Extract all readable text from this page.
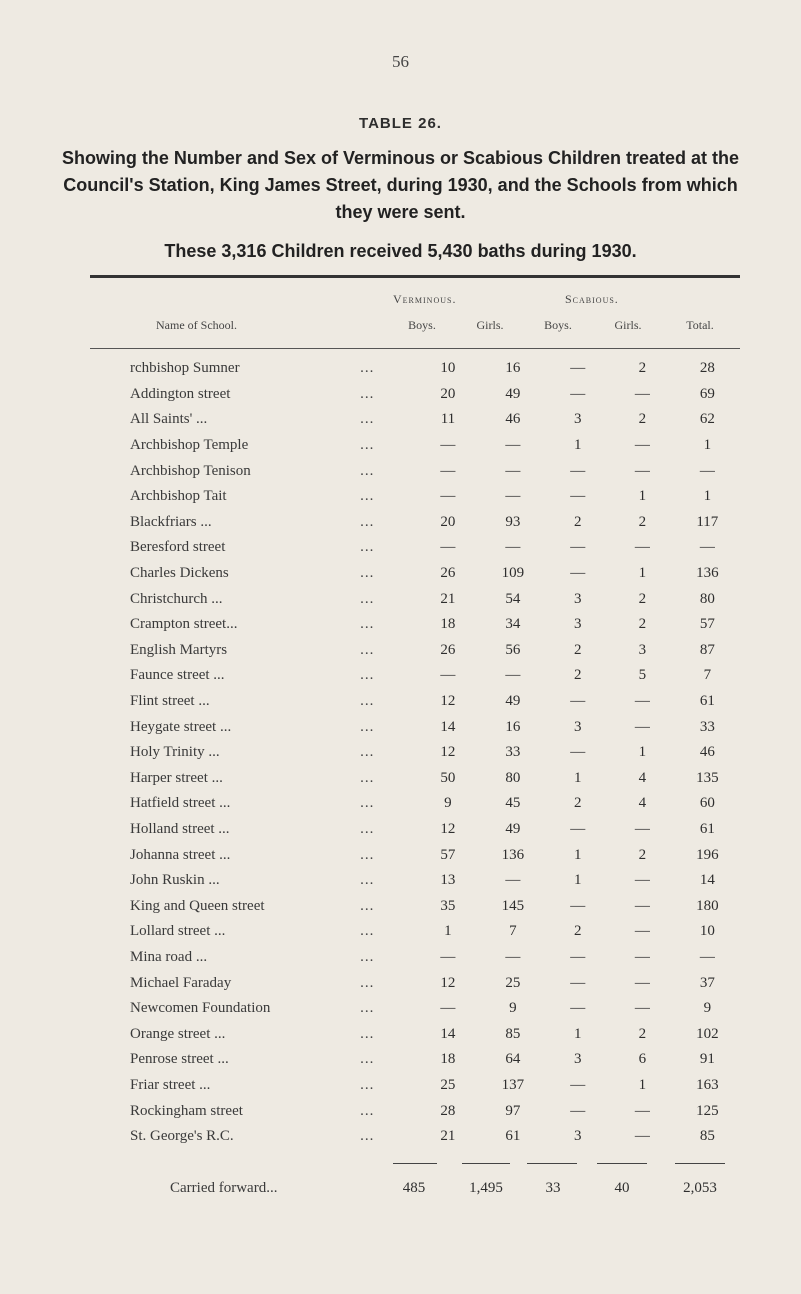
56
TABLE 26.
Showing the Number and Sex of Verminous or Scabious Children treated at the Council's Station, King James Street, during 1930, and the Schools from which they were sent.
These 3,316 Children received 5,430 baths during 1930.
Verminous.	Scabious.
Name of School.	Boys.	Girls.	Boys.	Girls.	Total.
rchbishop Sumner	...	10	16	—	2	28
Addington street	...	20	49	—	—	69
All Saints' ...	...	11	46	3	2	62
Archbishop Temple	...	—	—	1	—	1
Archbishop Tenison	...	—	—	—	—	—
Archbishop Tait	...	—	—	—	1	1
Blackfriars ...	...	20	93	2	2	117
Beresford street	...	—	—	—	—	—
Charles Dickens	...	26	109	—	1	136
Christchurch ...	...	21	54	3	2	80
Crampton street...	...	18	34	3	2	57
English Martyrs	...	26	56	2	3	87
Faunce street ...	...	—	—	2	5	7
Flint street ...	...	12	49	—	—	61
Heygate street ...	...	14	16	3	—	33
Holy Trinity ...	...	12	33	—	1	46
Harper street ...	...	50	80	1	4	135
Hatfield street ...	...	9	45	2	4	60
Holland street ...	...	12	49	—	—	61
Johanna street ...	...	57	136	1	2	196
John Ruskin ...	...	13	—	1	—	14
King and Queen street	...	35	145	—	—	180
Lollard street ...	...	1	7	2	—	10
Mina road ...	...	—	—	—	—	—
Michael Faraday	...	12	25	—	—	37
Newcomen Foundation	...	—	9	—	—	9
Orange street ...	...	14	85	1	2	102
Penrose street ...	...	18	64	3	6	91
Friar street ...	...	25	137	—	1	163
Rockingham street	...	28	97	—	—	125
St. George's R.C.	...	21	61	3	—	85
Carried forward...	485	1,495	33	40	2,053
